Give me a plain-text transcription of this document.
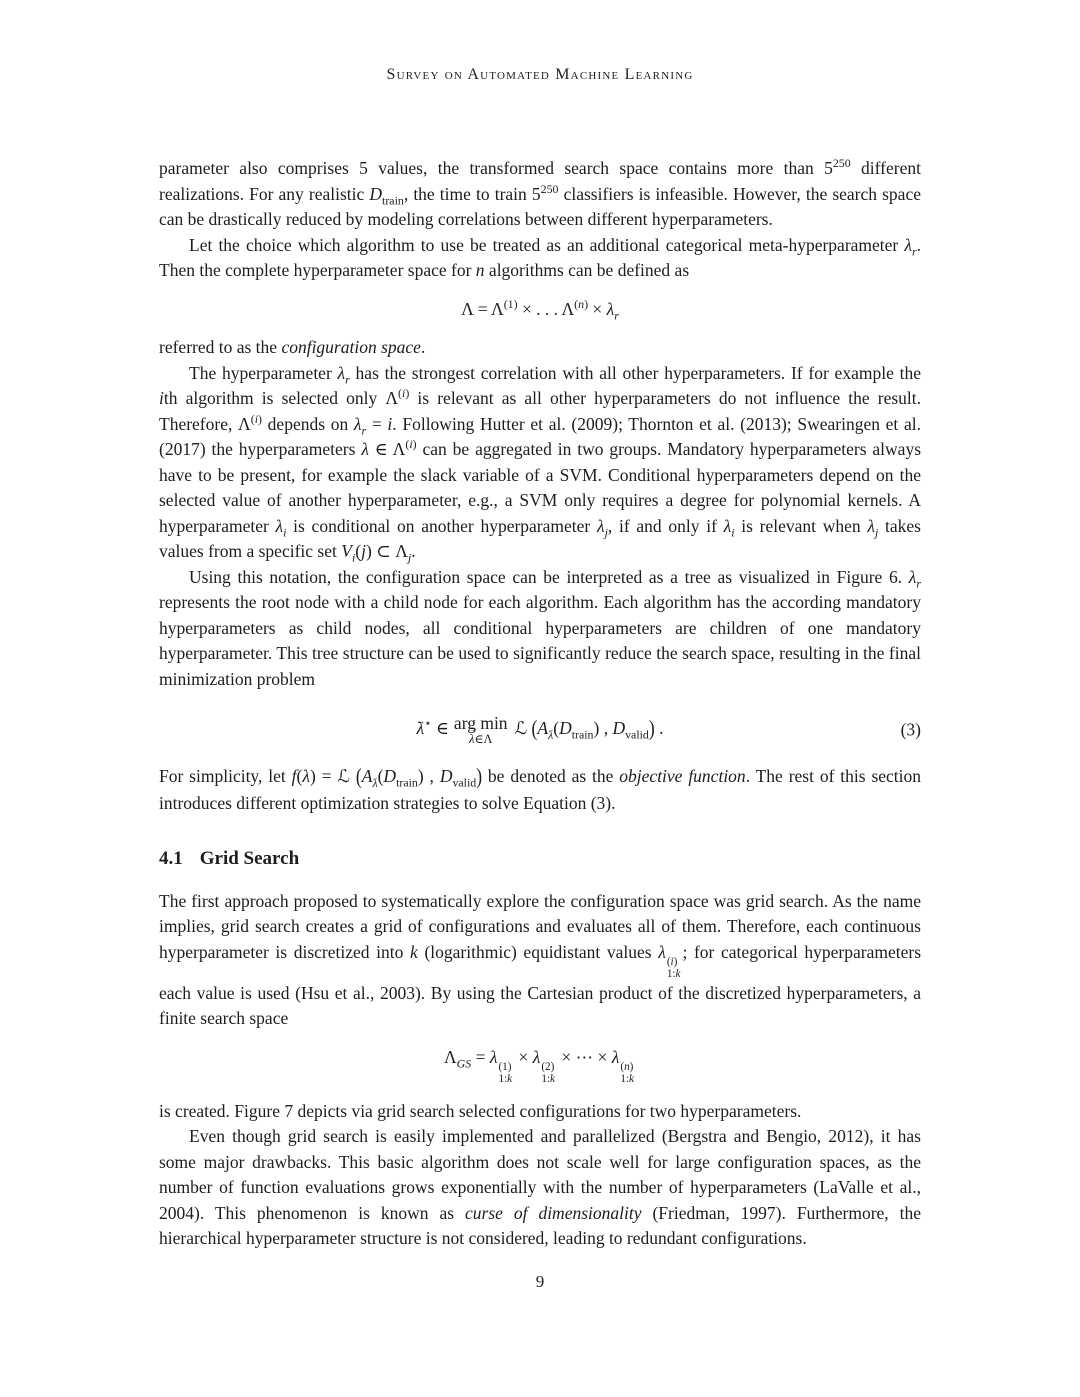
Survey on Automated Machine Learning

parameter also comprises 5 values, the transformed search space contains more than $5^{250}$ different realizations. For any realistic $D_{train}$, the time to train $5^{250}$ classifiers is infeasible. However, the search space can be drastically reduced by modeling correlations between different hyperparameters.

Let the choice which algorithm to use be treated as an additional categorical meta-hyperparameter $\lambda_r$. Then the complete hyperparameter space for n algorithms can be defined as

$\Lambda = \Lambda^{(1)}$ × . . . $\Lambda^{(n)} \times \lambda_r$

referred to as the configuration space.

The hyperparameter $\lambda_r$ has the strongest correlation with all other hyperparameters. If for example the ith algorithm is selected only $\Lambda^{(i)}$ is relevant as all other hyperparameters do not influence the result. Therefore, $\Lambda^{(i)}$ depends on $\lambda_r = i$. Following Hutter et al. (2009); Thornton et al. (2013); Swearingen et al. (2017) the hyperparameters λ ∈ $\Lambda^{(i)}$ can be aggregated in two groups. Mandatory hyperparameters always have to be present, for example the slack variable of a SVM. Conditional hyperparameters depend on the selected value of another hyperparameter, e.g., a SVM only requires a degree for polynomial kernels. A hyperparameter $\lambda_i$ is conditional on another hyperparameter $\lambda_j$, if and only if $\lambda_i$ is relevant when $\lambda_j$ takes values from a specific set $V_i(j)$ ⊂ $\Lambda_j$.

Using this notation, the configuration space can be interpreted as a tree as visualized in Figure 6. $\lambda_r$ represents the root node with a child node for each algorithm. Each algorithm has the according mandatory hyperparameters as child nodes, all conditional hyperparameters are children of one mandatory hyperparameter. This tree structure can be used to significantly reduce the search space, resulting in the final minimization problem

λ →⋆ ∈ arg min
λ →∈Λ ℒ ($A_\lambda(D_{train})$ , $D_{valid}$) .	(3)

For simplicity, let f(λ) = ℒ ($A_\lambda(D_{train})$ , $D_{valid}$) be denoted as the objective function. The rest of this section introduces different optimization strategies to solve Equation (3).

4.1 Grid Search

The first approach proposed to systematically explore the configuration space was grid search. As the name implies, grid search creates a grid of configurations and evaluates all of them. Therefore, each continuous hyperparameter is discretized into k (logarithmic) equidistant values λ (i)
1:k
; for categorical hyperparameters each value is used (Hsu et al., 2003). By using the Cartesian product of the discretized hyperparameters, a finite search space

$\Lambda_{GS} = \lambda$ (1)
1:k
× λ (2)
1:k
× ⋯ × λ (n)
1:k

is created. Figure 7 depicts via grid search selected configurations for two hyperparameters.

Even though grid search is easily implemented and parallelized (Bergstra and Bengio, 2012), it has some major drawbacks. This basic algorithm does not scale well for large configuration spaces, as the number of function evaluations grows exponentially with the number of hyperparameters (LaValle et al., 2004). This phenomenon is known as curse of dimensionality (Friedman, 1997). Furthermore, the hierarchical hyperparameter structure is not considered, leading to redundant configurations.

9
